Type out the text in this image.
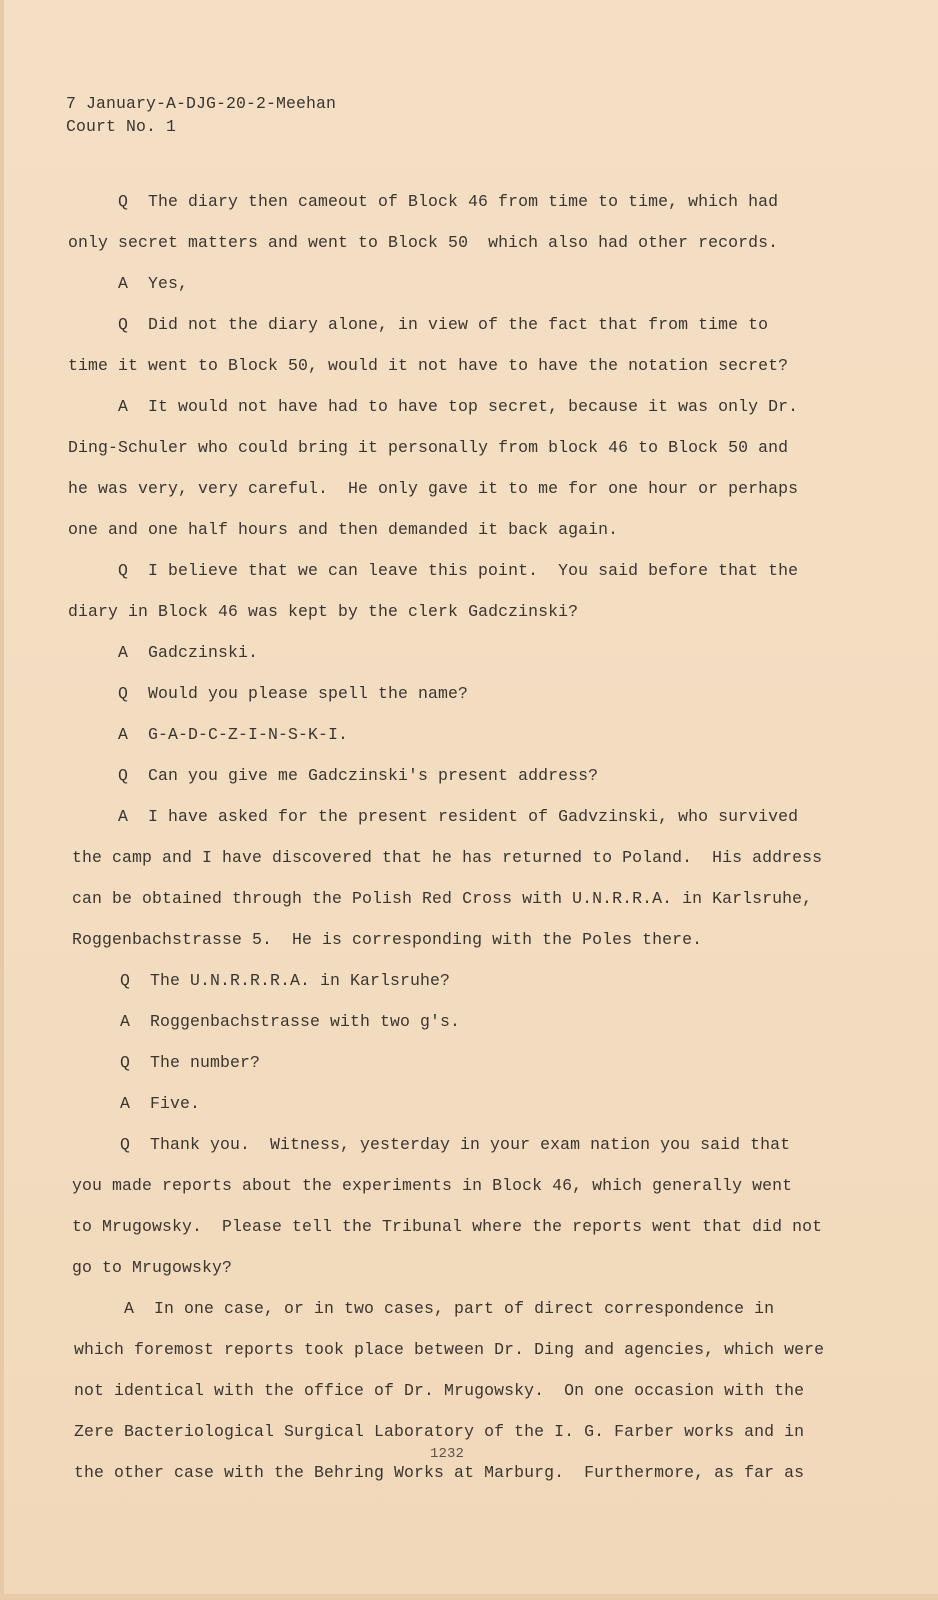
7 January-A-DJG-20-2-Meehan
Court No. 1
Q  The diary then cameout of Block 46 from time to time, which had
only secret matters and went to Block 50  which also had other records.
A  Yes,
Q  Did not the diary alone, in view of the fact that from time to
time it went to Block 50, would it not have to have the notation secret?
A  It would not have had to have top secret, because it was only Dr.
Ding-Schuler who could bring it personally from block 46 to Block 50 and
he was very, very careful.  He only gave it to me for one hour or perhaps
one and one half hours and then demanded it back again.
Q  I believe that we can leave this point.  You said before that the
diary in Block 46 was kept by the clerk Gadczinski?
A  Gadczinski.
Q  Would you please spell the name?
A  G-A-D-C-Z-I-N-S-K-I.
Q  Can you give me Gadczinski's present address?
A  I have asked for the present resident of Gadvzinski, who survived
the camp and I have discovered that he has returned to Poland.  His address
can be obtained through the Polish Red Cross with U.N.R.R.A. in Karlsruhe,
Roggenbachstrasse 5.  He is corresponding with the Poles there.
Q  The U.N.R.R.R.A. in Karlsruhe?
A  Roggenbachstrasse with two g's.
Q  The number?
A  Five.
Q  Thank you.  Witness, yesterday in your exam nation you said that
you made reports about the experiments in Block 46, which generally went
to Mrugowsky.  Please tell the Tribunal where the reports went that did not
go to Mrugowsky?
A  In one case, or in two cases, part of direct correspondence in
which foremost reports took place between Dr. Ding and agencies, which were
not identical with the office of Dr. Mrugowsky.  On one occasion with the
Zere Bacteriological Surgical Laboratory of the I. G. Farber works and in
the other case with the Behring Works at Marburg.  Furthermore, as far as
1232
